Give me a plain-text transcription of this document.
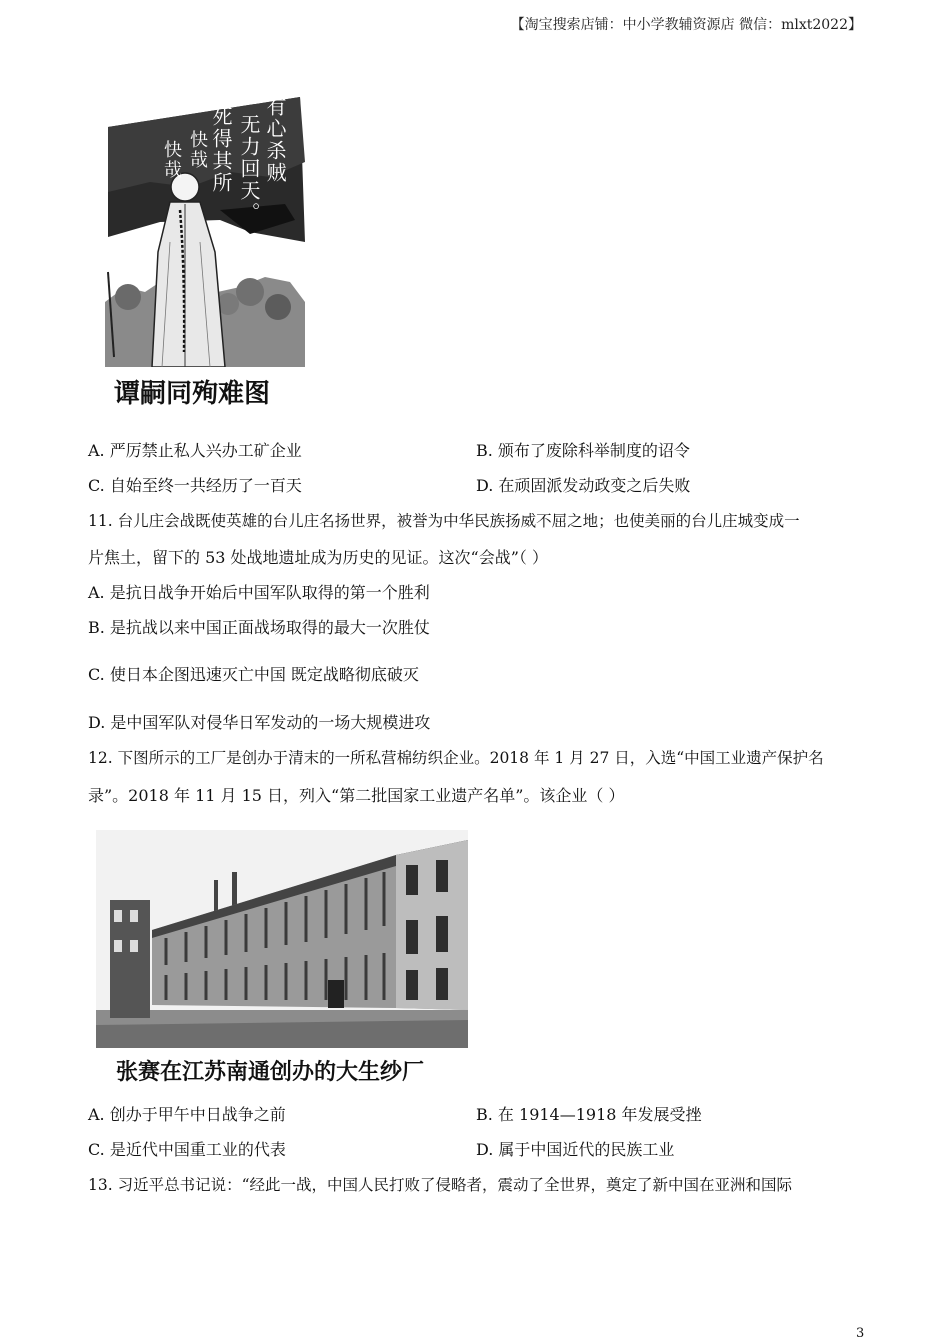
【淘宝搜索店铺：中小学教辅资源店 微信：mlxt2022】
有心杀贼
无力回天。
死得其所
快哉
快哉
谭嗣同殉难图
A. 严厉禁止私人兴办工矿企业	B. 颁布了废除科举制度的诏令
C. 自始至终一共经历了一百天	D. 在顽固派发动政变之后失败
11. 台儿庄会战既使英雄的台儿庄名扬世界，被誉为中华民族扬威不屈之地；也使美丽的台儿庄城变成一
片焦土，留下的 53 处战地遗址成为历史的见证。这次“会战”（ ）
A. 是抗日战争开始后中国军队取得的第一个胜利
B. 是抗战以来中国正面战场取得的最大一次胜仗
C. 使日本企图迅速灭亡中国 既定战略彻底破灭
D. 是中国军队对侵华日军发动的一场大规模进攻
12. 下图所示的工厂是创办于清末的一所私营棉纺织企业。2018 年 1 月 27 日，入选“中国工业遗产保护名
录”。2018 年 11 月 15 日，列入“第二批国家工业遗产名单”。该企业（ ）
张赛在江苏南通创办的大生纱厂
A. 创办于甲午中日战争之前	B. 在 1914—1918 年发展受挫
C. 是近代中国重工业的代表	D. 属于中国近代的民族工业
13. 习近平总书记说：“经此一战，中国人民打败了侵略者，震动了全世界，奠定了新中国在亚洲和国际
3
